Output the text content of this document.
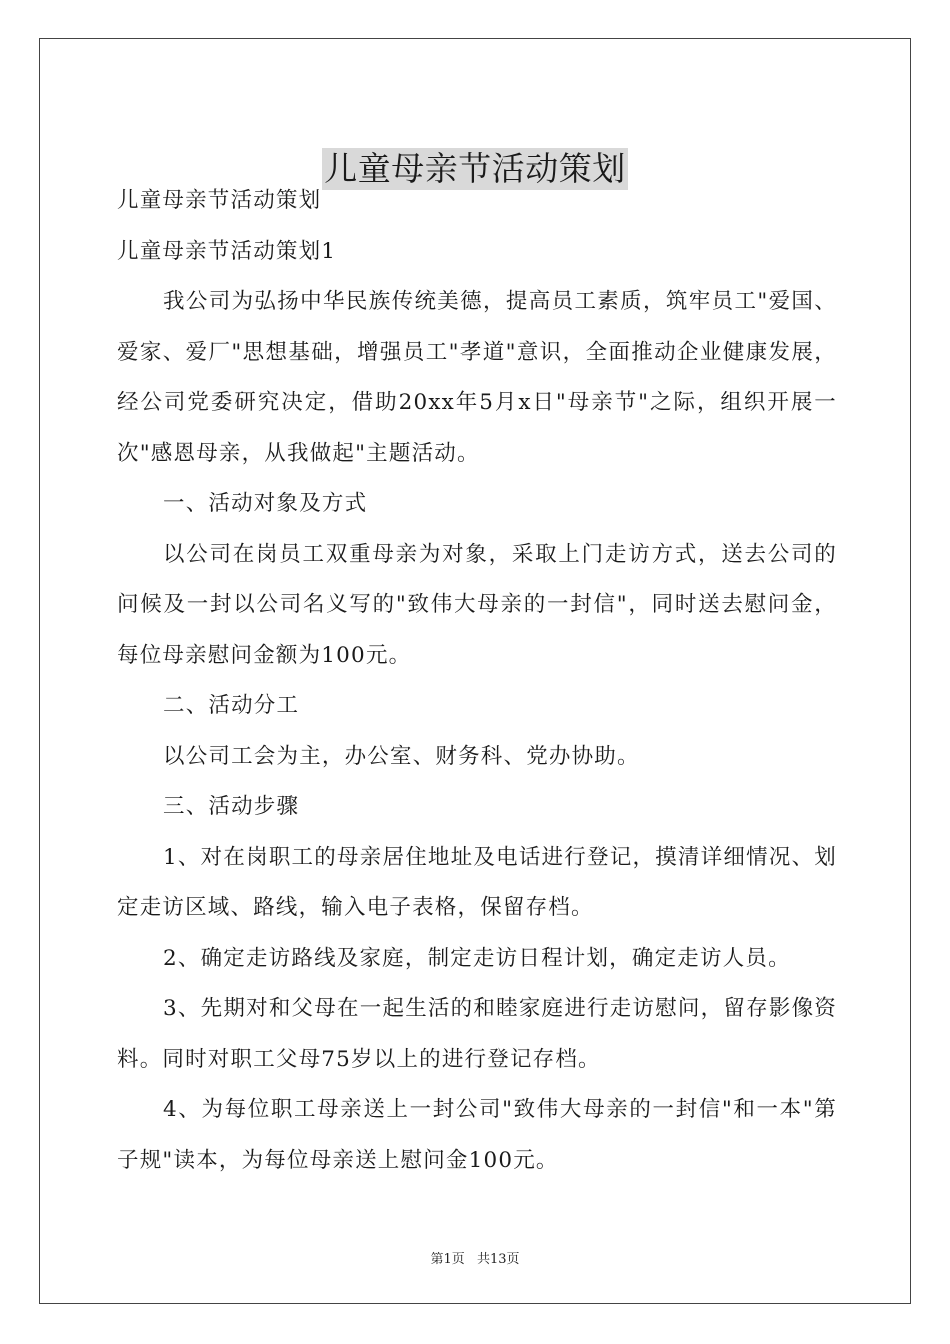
儿童母亲节活动策划

儿童母亲节活动策划

儿童母亲节活动策划1

我公司为弘扬中华民族传统美德，提高员工素质，筑牢员工"爱国、爱家、爱厂"思想基础，增强员工"孝道"意识，全面推动企业健康发展，经公司党委研究决定，借助20xx年5月x日"母亲节"之际，组织开展一次"感恩母亲，从我做起"主题活动。

一、活动对象及方式

以公司在岗员工双重母亲为对象，采取上门走访方式，送去公司的问候及一封以公司名义写的"致伟大母亲的一封信"，同时送去慰问金，每位母亲慰问金额为100元。

二、活动分工

以公司工会为主，办公室、财务科、党办协助。

三、活动步骤

1、对在岗职工的母亲居住地址及电话进行登记，摸清详细情况、划定走访区域、路线，输入电子表格，保留存档。

2、确定走访路线及家庭，制定走访日程计划，确定走访人员。

3、先期对和父母在一起生活的和睦家庭进行走访慰问，留存影像资料。同时对职工父母75岁以上的进行登记存档。

4、为每位职工母亲送上一封公司"致伟大母亲的一封信"和一本"第子规"读本，为每位母亲送上慰问金100元。

第1页 共13页
